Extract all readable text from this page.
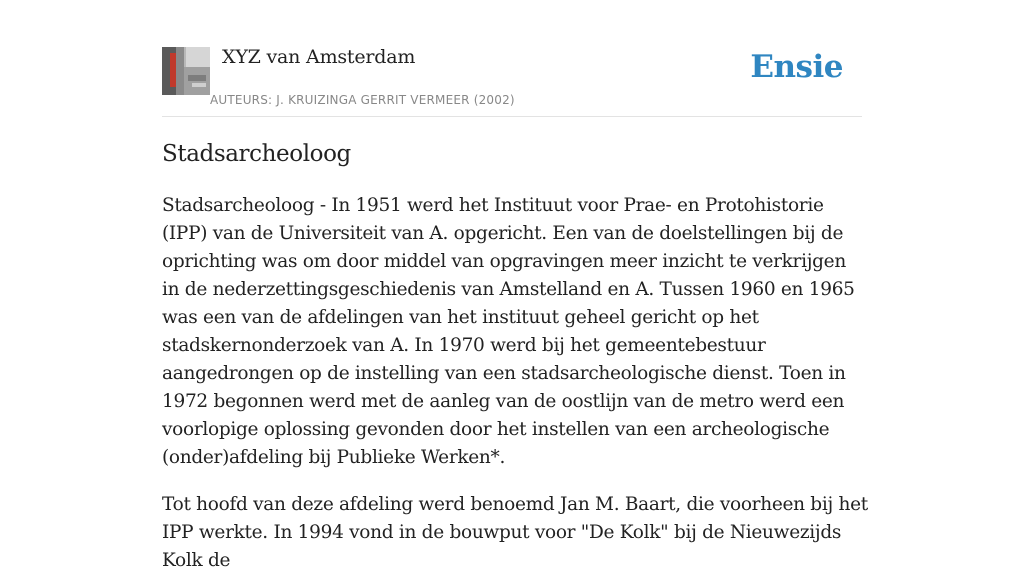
XYZ van Amsterdam
AUTEURS: J. KRUIZINGA GERRIT VERMEER (2002)
Ensie
Stadsarcheoloog

Stadsarcheoloog - In 1951 werd het Instituut voor Prae- en Protohistorie (IPP) van de Universiteit van A. opgericht. Een van de doelstellingen bij de oprichting was om door middel van opgravingen meer inzicht te verkrijgen in de nederzettingsgeschiedenis van Amstelland en A. Tussen 1960 en 1965 was een van de afdelingen van het instituut geheel gericht op het stadskernonderzoek van A. In 1970 werd bij het gemeentebestuur aangedrongen op de instelling van een stadsarcheologische dienst. Toen in 1972 begonnen werd met de aanleg van de oostlijn van de metro werd een voorlopige oplossing gevonden door het instellen van een archeologische (onder)afdeling bij Publieke Werken*.

Tot hoofd van deze afdeling werd benoemd Jan M. Baart, die voorheen bij het IPP werkte. In 1994 vond in de bouwput voor "De Kolk" bij de Nieuwezijds Kolk de
